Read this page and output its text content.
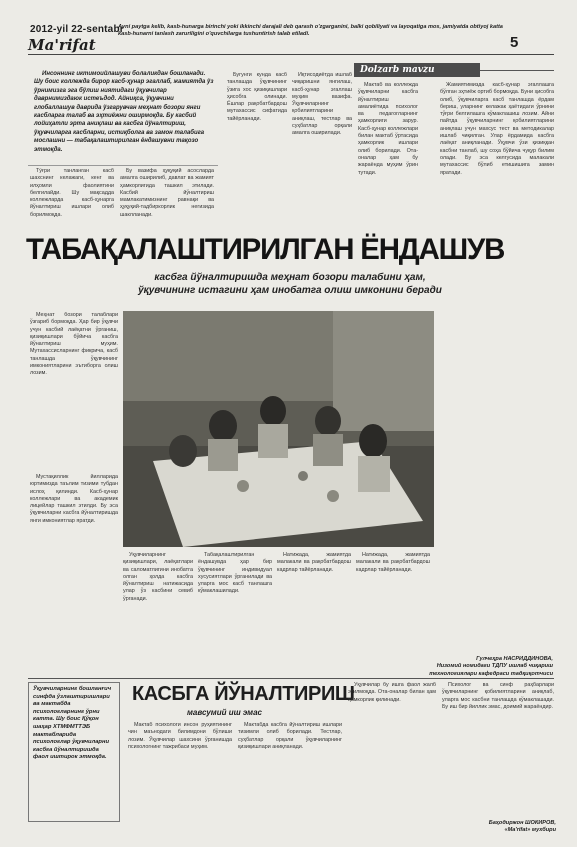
2012-yil 22-sentabr
Ma'rifat
Ayni paytga kelib, kasb-hunarga birinchi yoki ikkinchi darajali deb qarash o'zgarganini, balki qobiliyati va layoqatiga mos, jamiyatda obtiyoj katta kasb-hunarni tanlash zaruriligini o'quvchilarga tushuntirish talab etiladi.	5
Инсоннинг иктимоийлашуви болаликдан бошланади. Шу боис коллежда бирор касб-ҳунар эгаллаб, жамиятда ўз ўрнимизга эга бўлиш ниятидаги ўқувчилар даврнимиздаюк истеъдод. Айниқса, ўқувчини глобаллашув даврида ўзгарувчан меҳнат бозори янги касбларга талаб ва эҳтиёжни оширмоқда. Бу касбий лойиҳатли эртa аниқлаш ва касбга йўналтириш, ўқувчиларга касбларни, истиқболга ва замон талабига мослашни — табақалаштирилган ёндашувни тақозо этмоқда.

Тўғри танланган касб шахснинг келажаги, кенг ва илҳомли фаолиятини белгилайди. Шу мақсадда коллежларда касб-ҳунарга йўналтириш ишлари олиб борилмоқда.

Бу вазифа ҳуқуқий асосларда амалга оширилиб, давлат ва жамият ҳамкорлигида ташкил этилади. Касбий йўналтириш мамлакатимизнинг равнақи ва ҳуқуқий-тадбиркорлик негизида шаклланади.

Бугунги кунда касб танлашда ўқувчининг ўзига хос қизиқишлари ҳисобга олинади. Ёшлар рақобатбардош мутахассис сифатида тайёрланади.

Иқтисодиётда ишлаб чиқаришни янгилаш, касб-ҳунар эгаллаш муҳим вазифа. Ўқувчиларнинг қобилиятларини аниқлаш, тестлар ва суҳбатлар орқали амалга оширилади.

Dolzarb mavzu

Мактаб ва коллежда ўқувчиларни касбга йўналтириш амалиётида психолог ва педагогларнинг ҳамкорлиги зарур. Касб-ҳунар коллежлари билан мактаб ўртасида ҳамкорлик ишлари олиб борилади. Ота-оналар ҳам бу жараёнда муҳим ўрин тутади.

ТАБАҚАЛАШТИРИЛГАН ЁНДАШУВ
касбга йўналтиришда меҳнат бозори талабини ҳам,
ўқувчининг истагини ҳам инобатга олиш имконини беради

Меҳнат бозори талаблари ўзгариб бормоқда. Ҳар бир ўқувчи учун касбий лаёқатни ўрганиш, қизиқишлари бўйича касбга йўналтириш муҳим. Мутахассисларнинг фикрича, касб танлашда ўқувчининг имкониятларини эътиборга олиш лозим.

Мустақиллик йилларида юртимизда таълим тизими тубдан ислоҳ қилинди. Касб-ҳунар коллежлари ва академик лицейлар ташкил этилди. Бу эса ўқувчиларни касбга йўналтиришда янги имкониятлар яратди.

Ўқувчиларнинг қизиқишлари, лаёқатлари ва саломатлигини инобатга олган ҳолда касбга йўналтириш натижасида улар ўз касбини севиб ўрганади.

Табақалаштирилган ёндашувда ҳар бир ўқувчининг индивидуал хусусиятлари ўрганилади ва уларга мос касб танлашга кўмаклашилади.

Натижада, жамиятда малакали ва рақобатбардош кадрлар тайёрланади.

Натижада, жамиятда малакали ва рақобатбардош кадрлар тайёрланади.

Жамиятимизда касб-ҳунар эгаллашга бўлган эҳтиёж ортиб бормоқда. Буни ҳисобга олиб, ўқувчиларга касб танлашда ёрдам бериш, уларнинг келажак ҳаётидаги ўрнини тўғри белгилашга кўмаклашиш лозим. Айни пайтда ўқувчиларнинг қобилиятларини аниқлаш учун махсус тест ва методикалар ишлаб чиқилган. Улар ёрдамида касбга лаёқат аниқланади. Ўқувчи ўзи қизиққан касбни танлаб, шу соҳа бўйича чуқур билим олади. Бу эса келгусида малакали мутахассис бўлиб етишишига замин яратади.

Гулчеҳра НАСРИДДИНОВА,
Низомий номидаги ТДПУ ишлаб чиқариш технологиялари кафедраси тадқиқотчиси
Ўқувчиларнинг бошланғич синфда ўзлаштиришлари ва мактабда психологларнинг ўрни катта. Шу боис Қўқон шаҳар ХТМФМТТЭБ мактабларида психологлар ўқувчиларни касбга йўналтиришда фаол иштирок этмоқда.
КАСБГА ЙЎНАЛТИРИШ
мавсумий иш эмас

Мактаб психологи инсон руҳиятининг чин маънодаги билимдони бўлиши лозим. Ўқувчилар шахсини ўрганишда психологнинг тажрибаси муҳим.

Мактабда касбга йўналтириш ишлари тизимли олиб борилади. Тестлар, суҳбатлар орқали ўқувчиларнинг қизиқишлари аниқланади.

Ўқувчилар бу ишга фаол жалб этилмоқда. Ота-оналар билан ҳам ҳамкорлик қилинади.

Психолог ва синф раҳбарлари ўқувчиларнинг қобилиятларини аниқлаб, уларга мос касбни танлашда кўмаклашади. Бу иш бир йиллик эмас, доимий жараёндир.

Баҳодиржон ШОКИРОВ,
«Ma'rifat» мухбири
